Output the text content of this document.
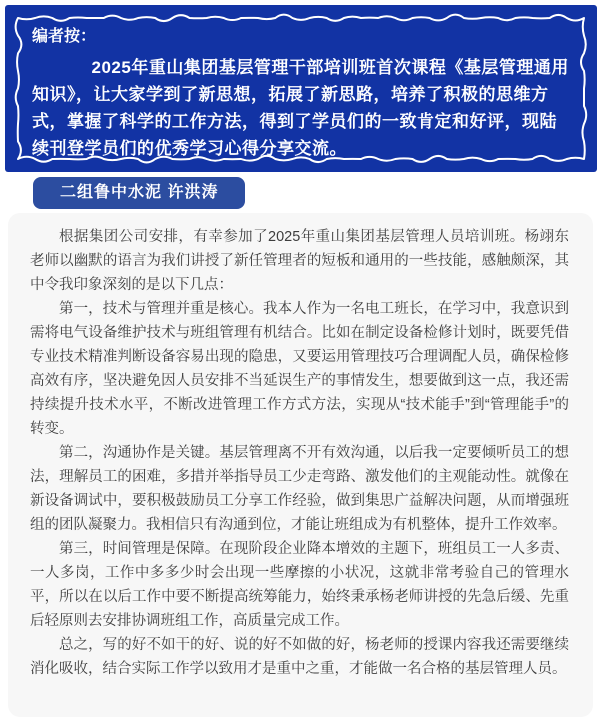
编者按：
2025年重山集团基层管理干部培训班首次课程《基层管理通用知识》，让大家学到了新思想，拓展了新思路，培养了积极的思维方式，掌握了科学的工作方法，得到了学员们的一致肯定和好评，现陆续刊登学员们的优秀学习心得分享交流。
二组鲁中水泥 许洪涛

根据集团公司安排，有幸参加了2025年重山集团基层管理人员培训班。杨翊东老师以幽默的语言为我们讲授了新任管理者的短板和通用的一些技能，感触颇深，其中令我印象深刻的是以下几点：

第一，技术与管理并重是核心。我本人作为一名电工班长，在学习中，我意识到需将电气设备维护技术与班组管理有机结合。比如在制定设备检修计划时，既要凭借专业技术精准判断设备容易出现的隐患，又要运用管理技巧合理调配人员，确保检修高效有序，坚决避免因人员安排不当延误生产的事情发生，想要做到这一点，我还需持续提升技术水平，不断改进管理工作方式方法，实现从“技术能手”到“管理能手”的转变。

第二，沟通协作是关键。基层管理离不开有效沟通，以后我一定要倾听员工的想法，理解员工的困难，多措并举指导员工少走弯路、激发他们的主观能动性。就像在新设备调试中，要积极鼓励员工分享工作经验，做到集思广益解决问题，从而增强班组的团队凝聚力。我相信只有沟通到位，才能让班组成为有机整体，提升工作效率。

第三，时间管理是保障。在现阶段企业降本增效的主题下，班组员工一人多责、一人多岗，工作中多多少时会出现一些摩擦的小状况，这就非常考验自己的管理水平，所以在以后工作中要不断提高统筹能力，始终秉承杨老师讲授的先急后缓、先重后轻原则去安排协调班组工作，高质量完成工作。

总之，写的好不如干的好、说的好不如做的好，杨老师的授课内容我还需要继续消化吸收，结合实际工作学以致用才是重中之重，才能做一名合格的基层管理人员。
